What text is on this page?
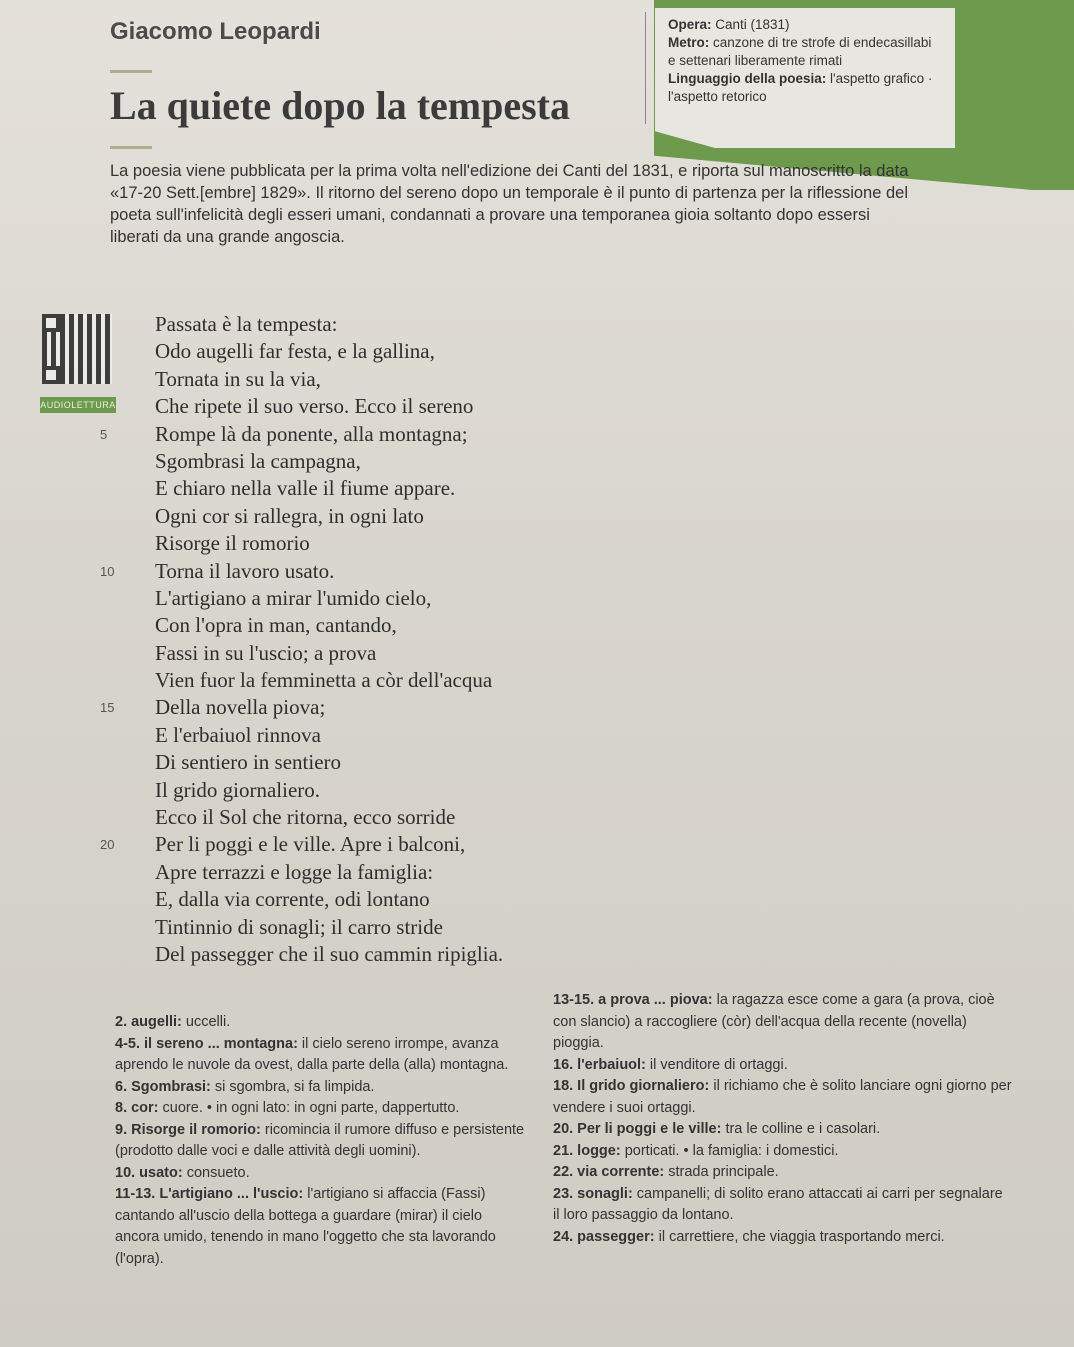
Giacomo Leopardi
La quiete dopo la tempesta
Opera: Canti (1831)
Metro: canzone di tre strofe di endecasillabi e settenari liberamente rimati
Linguaggio della poesia: l'aspetto grafico · l'aspetto retorico
La poesia viene pubblicata per la prima volta nell'edizione dei Canti del 1831, e riporta sul manoscritto la data «17-20 Sett.[embre] 1829». Il ritorno del sereno dopo un temporale è il punto di partenza per la riflessione del poeta sull'infelicità degli esseri umani, condannati a provare una temporanea gioia soltanto dopo essersi liberati da una grande angoscia.
AUDIOLETTURA
Passata è la tempesta:
Odo augelli far festa, e la gallina,
Tornata in su la via,
Che ripete il suo verso. Ecco il sereno
5 Rompe là da ponente, alla montagna;
Sgombrasi la campagna,
E chiaro nella valle il fiume appare.
Ogni cor si rallegra, in ogni lato
Risorge il romorio
10 Torna il lavoro usato.
L'artigiano a mirar l'umido cielo,
Con l'opra in man, cantando,
Fassi in su l'uscio; a prova
Vien fuor la femminetta a còr dell'acqua
15 Della novella piova;
E l'erbaiuol rinnova
Di sentiero in sentiero
Il grido giornaliero.
Ecco il Sol che ritorna, ecco sorride
20 Per li poggi e le ville. Apre i balconi,
Apre terrazzi e logge la famiglia:
E, dalla via corrente, odi lontano
Tintinnio di sonagli; il carro stride
Del passegger che il suo cammin ripiglia.

2. augelli: uccelli.

4-5. il sereno ... montagna: il cielo sereno irrompe, avanza aprendo le nuvole da ovest, dalla parte della (alla) montagna.

6. Sgombrasi: si sgombra, si fa limpida.

8. cor: cuore. • in ogni lato: in ogni parte, dappertutto.

9. Risorge il romorio: ricomincia il rumore diffuso e persistente (prodotto dalle voci e dalle attività degli uomini).

10. usato: consueto.

11-13. L'artigiano ... l'uscio: l'artigiano si affaccia (Fassi) cantando all'uscio della bottega a guardare (mirar) il cielo ancora umido, tenendo in mano l'oggetto che sta lavorando (l'opra).

13-15. a prova ... piova: la ragazza esce come a gara (a prova, cioè con slancio) a raccogliere (còr) dell'acqua della recente (novella) pioggia.

16. l'erbaiuol: il venditore di ortaggi.

18. Il grido giornaliero: il richiamo che è solito lanciare ogni giorno per vendere i suoi ortaggi.

20. Per li poggi e le ville: tra le colline e i casolari.

21. logge: porticati. • la famiglia: i domestici.

22. via corrente: strada principale.

23. sonagli: campanelli; di solito erano attaccati ai carri per segnalare il loro passaggio da lontano.

24. passegger: il carrettiere, che viaggia trasportando merci.
